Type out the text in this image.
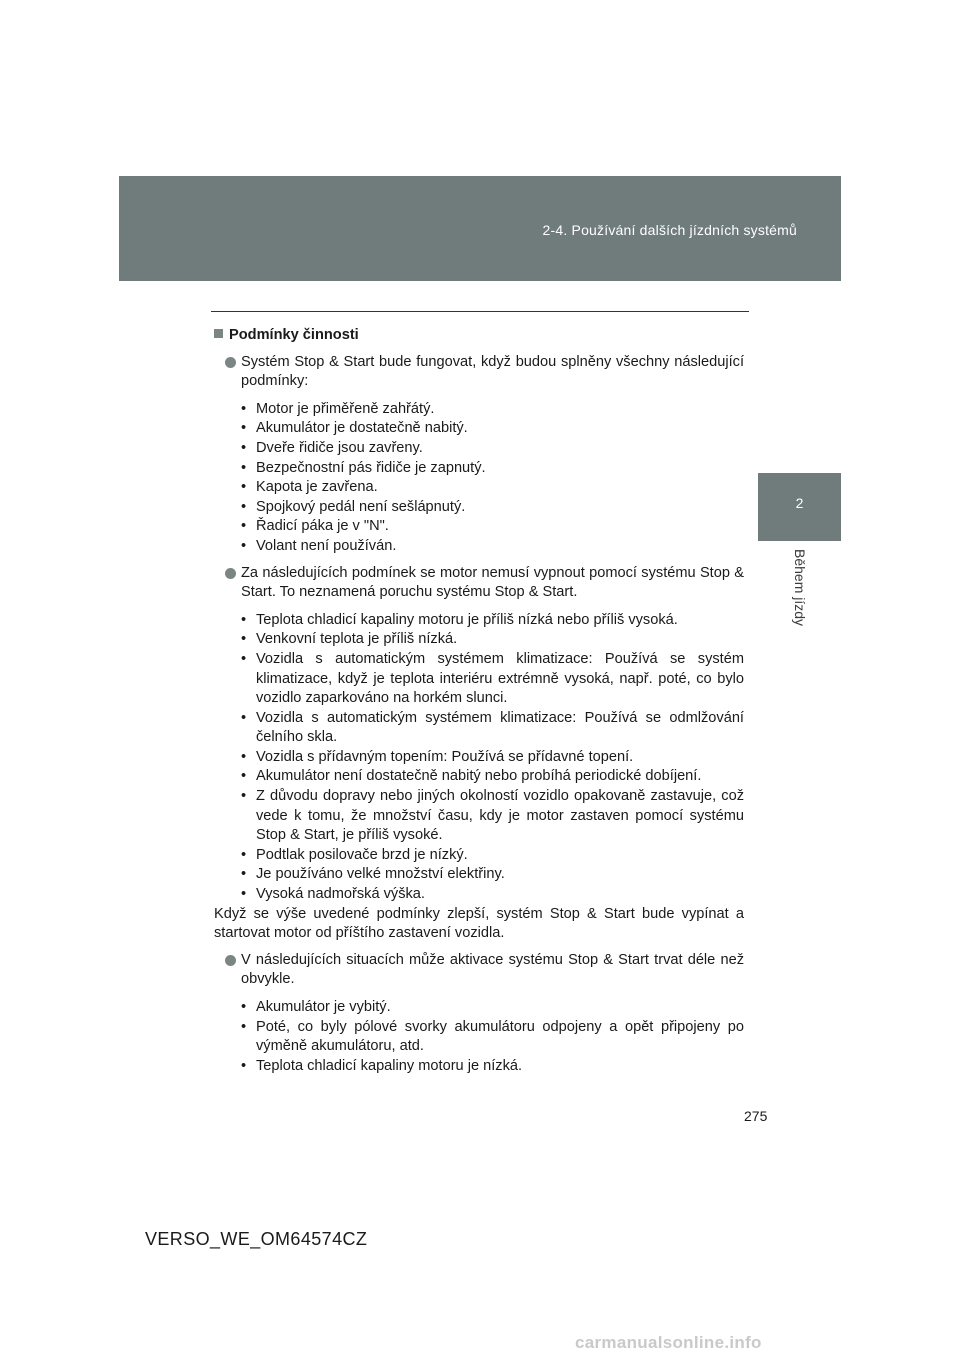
2-4. Používání dalších jízdních systémů
2
Během jízdy

Podmínky činnosti

Systém Stop & Start bude fungovat, když budou splněny všechny následující podmínky:

• Motor je přiměřeně zahřátý.
• Akumulátor je dostatečně nabitý.
• Dveře řidiče jsou zavřeny.
• Bezpečnostní pás řidiče je zapnutý.
• Kapota je zavřena.
• Spojkový pedál není sešlápnutý.
• Řadicí páka je v "N".
• Volant není používán.

Za následujících podmínek se motor nemusí vypnout pomocí systému Stop & Start. To neznamená poruchu systému Stop & Start.

• Teplota chladicí kapaliny motoru je příliš nízká nebo příliš vysoká.
• Venkovní teplota je příliš nízká.
• Vozidla s automatickým systémem klimatizace: Používá se systém klimatizace, když je teplota interiéru extrémně vysoká, např. poté, co bylo vozidlo zaparkováno na horkém slunci.
• Vozidla s automatickým systémem klimatizace: Používá se odmlžování čelního skla.
• Vozidla s přídavným topením: Používá se přídavné topení.
• Akumulátor není dostatečně nabitý nebo probíhá periodické dobíjení.
• Z důvodu dopravy nebo jiných okolností vozidlo opakovaně zastavuje, což vede k tomu, že množství času, kdy je motor zastaven pomocí systému Stop & Start, je příliš vysoké.
• Podtlak posilovače brzd je nízký.
• Je používáno velké množství elektřiny.
• Vysoká nadmořská výška.

Když se výše uvedené podmínky zlepší, systém Stop & Start bude vypínat a startovat motor od příštího zastavení vozidla.

V následujících situacích může aktivace systému Stop & Start trvat déle než obvykle.

• Akumulátor je vybitý.
• Poté, co byly pólové svorky akumulátoru odpojeny a opět připojeny po výměně akumulátoru, atd.
• Teplota chladicí kapaliny motoru je nízká.
275
VERSO_WE_OM64574CZ
carmanualsonline.info
